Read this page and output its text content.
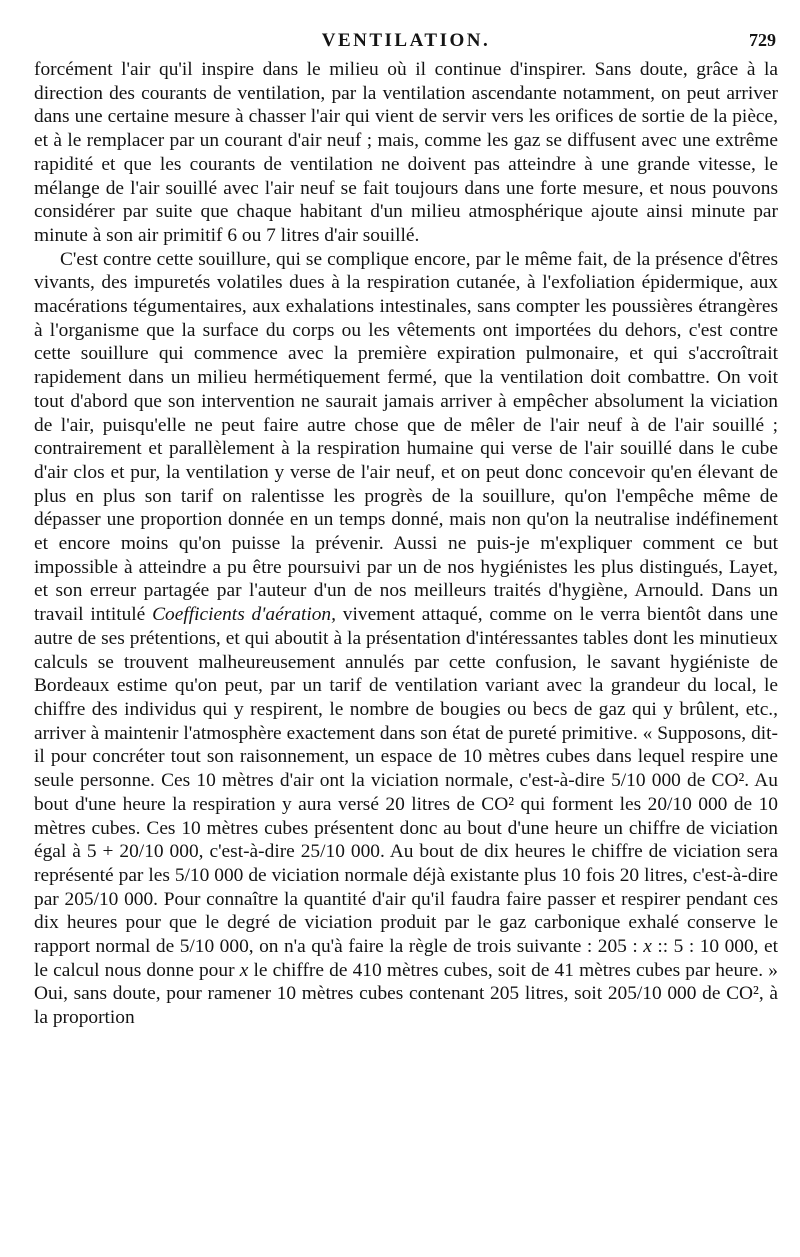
VENTILATION.	729

forcément l'air qu'il inspire dans le milieu où il continue d'inspirer. Sans doute, grâce à la direction des courants de ventilation, par la ventilation ascendante notamment, on peut arriver dans une certaine mesure à chasser l'air qui vient de servir vers les orifices de sortie de la pièce, et à le remplacer par un courant d'air neuf ; mais, comme les gaz se diffusent avec une extrême rapidité et que les courants de ventilation ne doivent pas atteindre à une grande vitesse, le mélange de l'air souillé avec l'air neuf se fait toujours dans une forte mesure, et nous pouvons considérer par suite que chaque habitant d'un milieu atmosphérique ajoute ainsi minute par minute à son air primitif 6 ou 7 litres d'air souillé.

C'est contre cette souillure, qui se complique encore, par le même fait, de la présence d'êtres vivants, des impuretés volatiles dues à la respiration cutanée, à l'exfoliation épidermique, aux macérations tégumentaires, aux exhalations intestinales, sans compter les poussières étrangères à l'organisme que la surface du corps ou les vêtements ont importées du dehors, c'est contre cette souillure qui commence avec la première expiration pulmonaire, et qui s'accroîtrait rapidement dans un milieu hermétiquement fermé, que la ventilation doit combattre. On voit tout d'abord que son intervention ne saurait jamais arriver à empêcher absolument la viciation de l'air, puisqu'elle ne peut faire autre chose que de mêler de l'air neuf à de l'air souillé ; contrairement et parallèlement à la respiration humaine qui verse de l'air souillé dans le cube d'air clos et pur, la ventilation y verse de l'air neuf, et on peut donc concevoir qu'en élevant de plus en plus son tarif on ralentisse les progrès de la souillure, qu'on l'empêche même de dépasser une proportion donnée en un temps donné, mais non qu'on la neutralise indéfinement et encore moins qu'on puisse la prévenir. Aussi ne puis-je m'expliquer comment ce but impossible à atteindre a pu être poursuivi par un de nos hygiénistes les plus distingués, Layet, et son erreur partagée par l'auteur d'un de nos meilleurs traités d'hygiène, Arnould. Dans un travail intitulé Coefficients d'aération, vivement attaqué, comme on le verra bientôt dans une autre de ses prétentions, et qui aboutit à la présentation d'intéressantes tables dont les minutieux calculs se trouvent malheureusement annulés par cette confusion, le savant hygiéniste de Bordeaux estime qu'on peut, par un tarif de ventilation variant avec la grandeur du local, le chiffre des individus qui y respirent, le nombre de bougies ou becs de gaz qui y brûlent, etc., arriver à maintenir l'atmosphère exactement dans son état de pureté primitive. « Supposons, dit-il pour concréter tout son raisonnement, un espace de 10 mètres cubes dans lequel respire une seule personne. Ces 10 mètres d'air ont la viciation normale, c'est-à-dire 5/10 000 de CO². Au bout d'une heure la respiration y aura versé 20 litres de CO² qui forment les 20/10 000 de 10 mètres cubes. Ces 10 mètres cubes présentent donc au bout d'une heure un chiffre de viciation égal à 5 + 20/10 000, c'est-à-dire 25/10 000. Au bout de dix heures le chiffre de viciation sera représenté par les 5/10 000 de viciation normale déjà existante plus 10 fois 20 litres, c'est-à-dire par 205/10 000. Pour connaître la quantité d'air qu'il faudra faire passer et respirer pendant ces dix heures pour que le degré de viciation produit par le gaz carbonique exhalé conserve le rapport normal de 5/10 000, on n'a qu'à faire la règle de trois suivante : 205 : x :: 5 : 10 000, et le calcul nous donne pour x le chiffre de 410 mètres cubes, soit de 41 mètres cubes par heure. » Oui, sans doute, pour ramener 10 mètres cubes contenant 205 litres, soit 205/10 000 de CO², à la proportion
